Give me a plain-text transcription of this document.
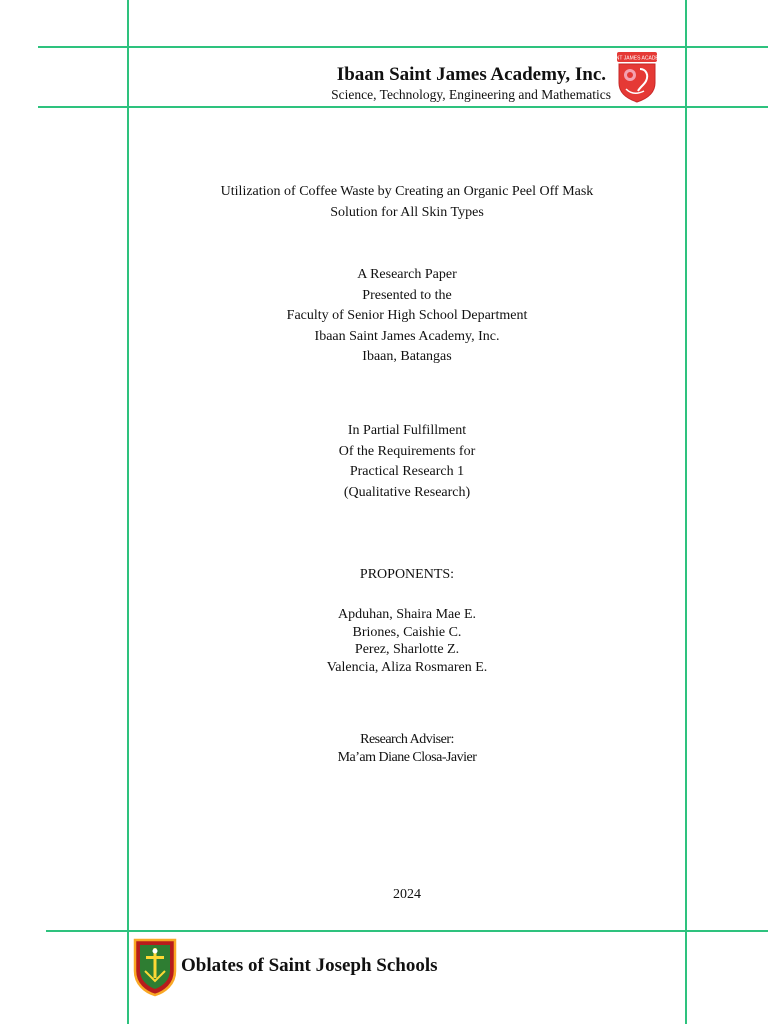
Ibaan Saint James Academy, Inc.
Science, Technology, Engineering and Mathematics
SAINT JAMES ACADEMY
Utilization of Coffee Waste by Creating an Organic Peel Off Mask
Solution for All Skin Types
A Research Paper
Presented to the
Faculty of Senior High School Department
Ibaan Saint James Academy, Inc.
Ibaan, Batangas
In Partial Fulfillment
Of the Requirements for
Practical Research 1
(Qualitative Research)
PROPONENTS:
Apduhan, Shaira Mae E.
Briones, Caishie C.
Perez, Sharlotte Z.
Valencia, Aliza Rosmaren E.
Research Adviser:
Ma’am Diane Closa-Javier
2024
Oblates of Saint Joseph Schools
